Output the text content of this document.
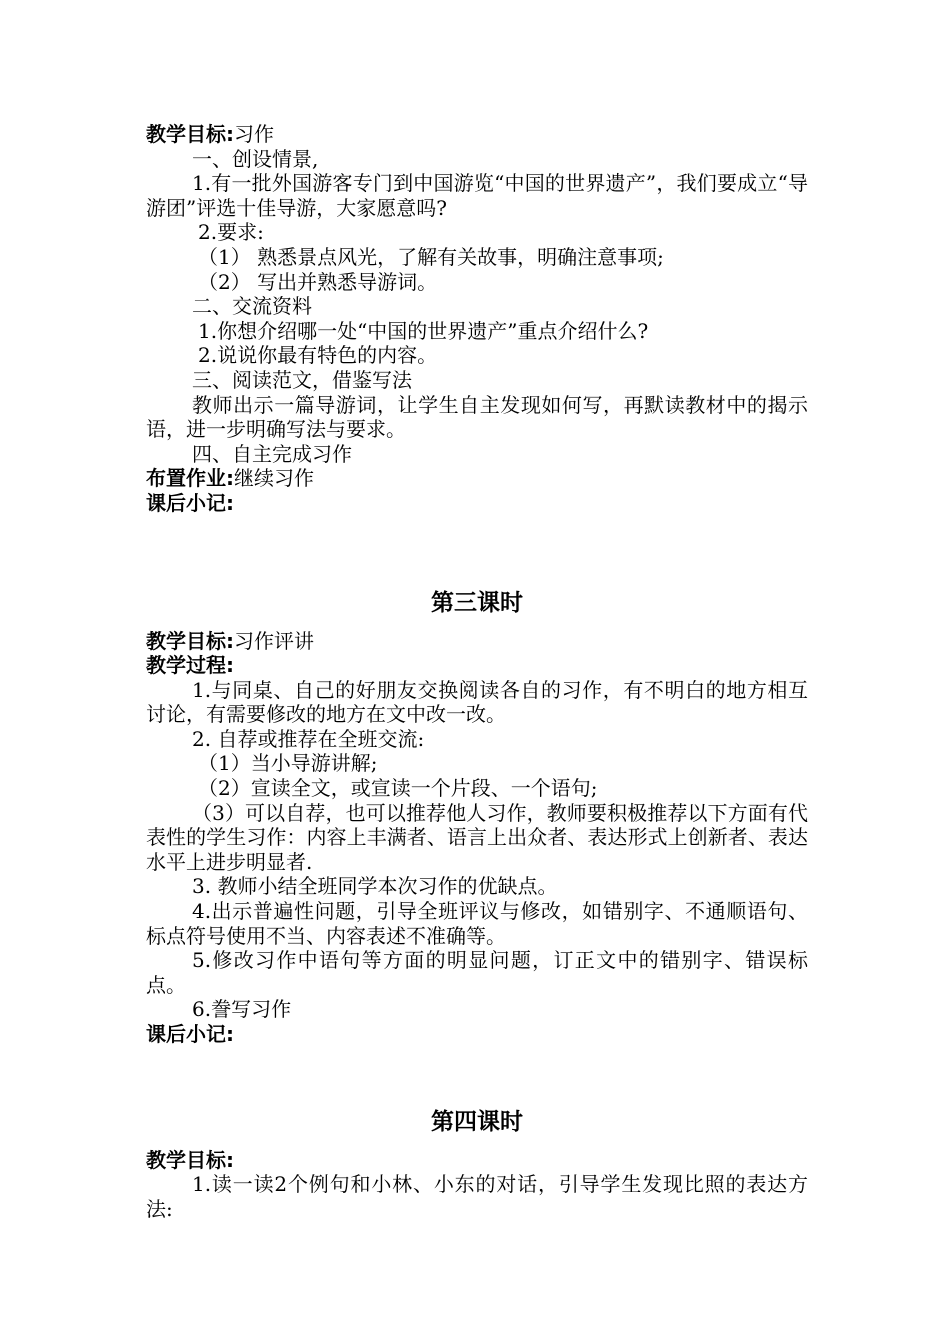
教学目标:习作
一、创设情景,
1.有一批外国游客专门到中国游览“中国的世界遗产”，我们要成立“导游团”评选十佳导游，大家愿意吗?
2.要求:
（1） 熟悉景点风光，了解有关故事，明确注意事项;
（2） 写出并熟悉导游词。
二、交流资料
1.你想介绍哪一处“中国的世界遗产”重点介绍什么?
2.说说你最有特色的内容。
三、阅读范文，借鉴写法
教师出示一篇导游词，让学生自主发现如何写，再默读教材中的揭示语，进一步明确写法与要求。
四、自主完成习作
布置作业:继续习作
课后小记:
第三课时
教学目标:习作评讲
教学过程:
1.与同桌、自己的好朋友交换阅读各自的习作，有不明白的地方相互讨论，有需要修改的地方在文中改一改。
2. 自荐或推荐在全班交流:
（1）当小导游讲解;
（2）宣读全文，或宣读一个片段、一个语句;
（3）可以自荐，也可以推荐他人习作，教师要积极推荐以下方面有代表性的学生习作：内容上丰满者、语言上出众者、表达形式上创新者、表达水平上进步明显者.
3. 教师小结全班同学本次习作的优缺点。
4.出示普遍性问题，引导全班评议与修改，如错别字、不通顺语句、标点符号使用不当、内容表述不准确等。
5.修改习作中语句等方面的明显问题，订正文中的错别字、错误标点。
6.誊写习作
课后小记:
第四课时
教学目标:
1.读一读2个例句和小林、小东的对话，引导学生发现比照的表达方法:
